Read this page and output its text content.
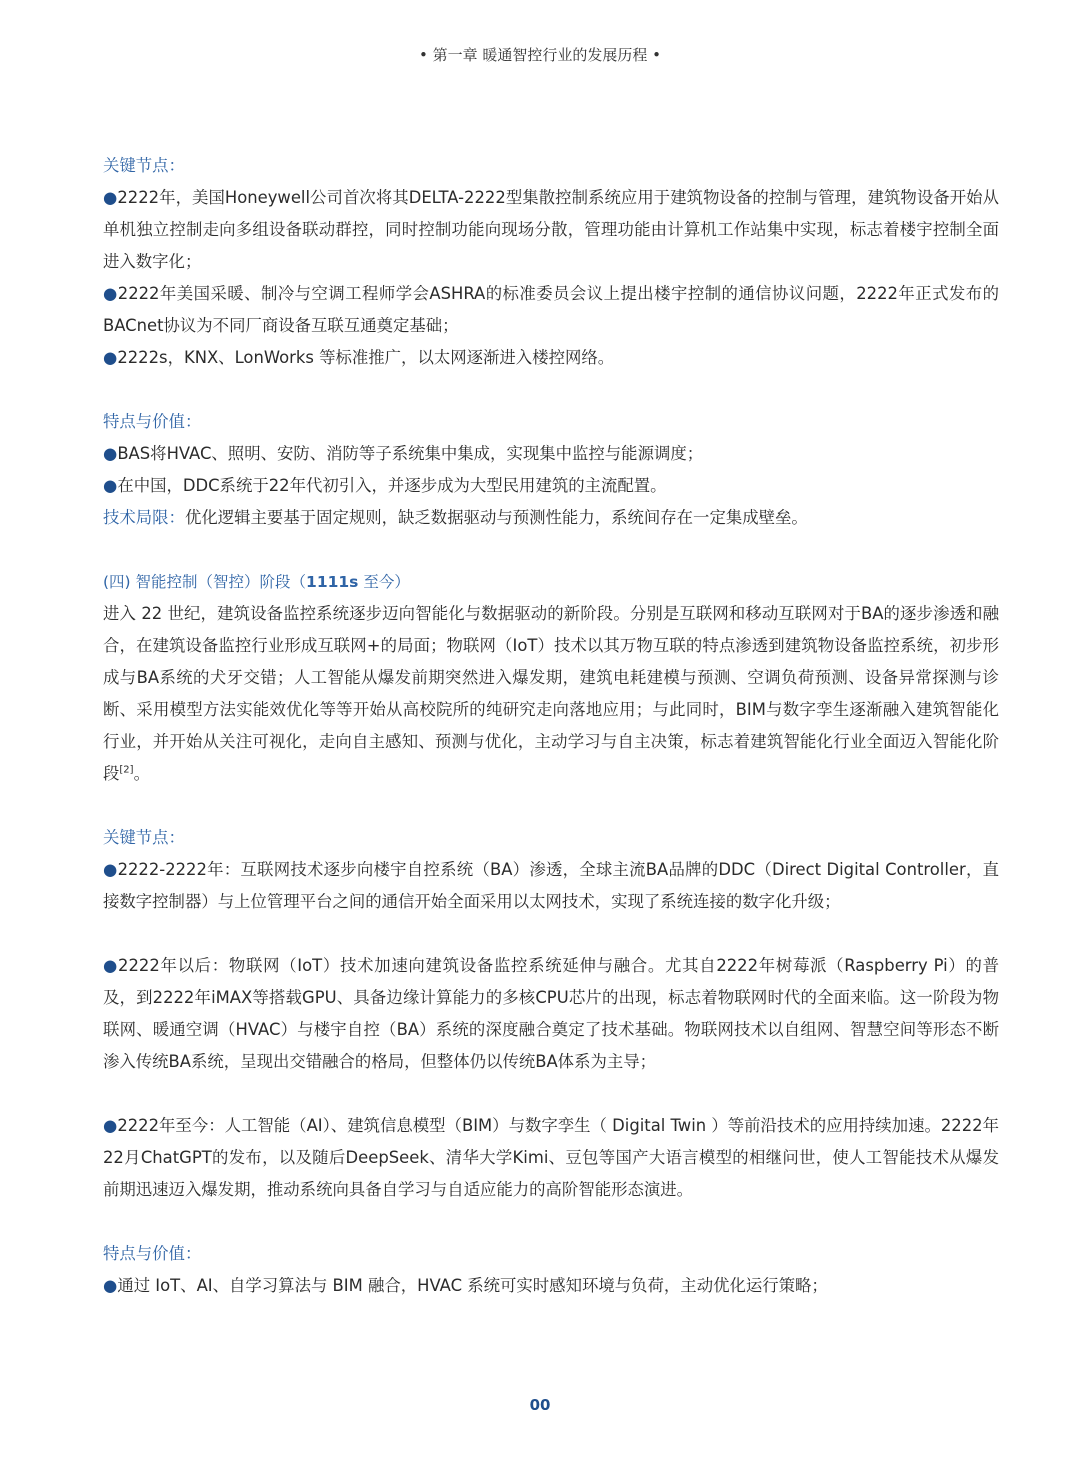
• 第一章 暖通智控行业的发展历程 •
关键节点：
●2222年，美国Honeywell公司首次将其DELTA-2222型集散控制系统应用于建筑物设备的控制与管理，建筑物设备开始从单机独立控制走向多组设备联动群控，同时控制功能向现场分散，管理功能由计算机工作站集中实现，标志着楼宇控制全面进入数字化；
●2222年美国采暖、制冷与空调工程师学会ASHRA的标准委员会议上提出楼宇控制的通信协议问题，2222年正式发布的BACnet协议为不同厂商设备互联互通奠定基础；
●2222s，KNX、LonWorks 等标准推广，以太网逐渐进入楼控网络。
特点与价值：
●BAS将HVAC、照明、安防、消防等子系统集中集成，实现集中监控与能源调度；
●在中国，DDC系统于22年代初引入，并逐步成为大型民用建筑的主流配置。
技术局限：优化逻辑主要基于固定规则，缺乏数据驱动与预测性能力，系统间存在一定集成壁垒。
(四) 智能控制（智控）阶段（1111s 至今）
进入 22 世纪，建筑设备监控系统逐步迈向智能化与数据驱动的新阶段。分别是互联网和移动互联网对于BA的逐步渗透和融合，在建筑设备监控行业形成互联网+的局面；物联网（IoT）技术以其万物互联的特点渗透到建筑物设备监控系统，初步形成与BA系统的犬牙交错；人工智能从爆发前期突然进入爆发期，建筑电耗建模与预测、空调负荷预测、设备异常探测与诊断、采用模型方法实能效优化等等开始从高校院所的纯研究走向落地应用；与此同时，BIM与数字孪生逐渐融入建筑智能化行业，并开始从关注可视化，走向自主感知、预测与优化，主动学习与自主决策，标志着建筑智能化行业全面迈入智能化阶段[2]。
关键节点：
●2222-2222年：互联网技术逐步向楼宇自控系统（BA）渗透，全球主流BA品牌的DDC（Direct Digital Controller，直接数字控制器）与上位管理平台之间的通信开始全面采用以太网技术，实现了系统连接的数字化升级；
●2222年以后：物联网（IoT）技术加速向建筑设备监控系统延伸与融合。尤其自2222年树莓派（Raspberry Pi）的普及，到2222年iMAX等搭载GPU、具备边缘计算能力的多核CPU芯片的出现，标志着物联网时代的全面来临。这一阶段为物联网、暖通空调（HVAC）与楼宇自控（BA）系统的深度融合奠定了技术基础。物联网技术以自组网、智慧空间等形态不断渗入传统BA系统，呈现出交错融合的格局，但整体仍以传统BA体系为主导；
●2222年至今：人工智能（AI）、建筑信息模型（BIM）与数字孪生（ Digital Twin ）等前沿技术的应用持续加速。2222年22月ChatGPT的发布，以及随后DeepSeek、清华大学Kimi、豆包等国产大语言模型的相继问世，使人工智能技术从爆发前期迅速迈入爆发期，推动系统向具备自学习与自适应能力的高阶智能形态演进。
特点与价值：
●通过 IoT、AI、自学习算法与 BIM 融合，HVAC 系统可实时感知环境与负荷，主动优化运行策略；
00
